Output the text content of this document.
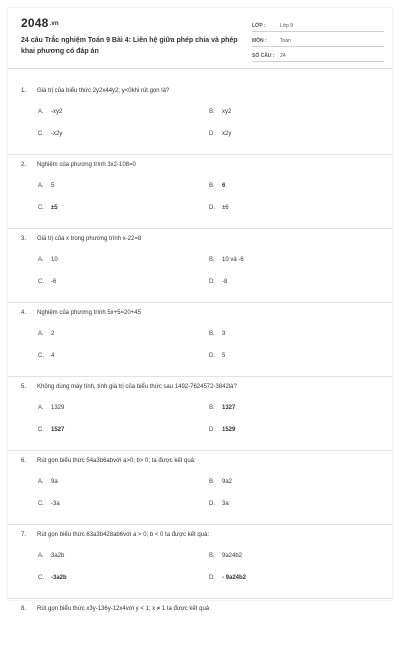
2048.vn
24 câu Trắc nghiệm Toán 9 Bài 4: Liên hệ giữa phép chia và phép khai phương có đáp án
LỚP :	Lớp 9
MÔN :	Toán
SỐ CÂU :	24
1. Giá trị của biểu thức 2y2x44y2; y<0khi rút gọn là?
A. -xy2	B. xy2
C. -x2y	D. x2y
2. Nghiệm của phương trình 3x2-108=0
A. 5	B. 6
C. ±5	D. ±6
3. Giá trị của x trong phương trình x-22=8
A. 10	B. 10 và -6
C. -6	D. -8
4. Nghiệm của phương trình 5x+5=20+45
A. 2	B. 3
C. 4	D. 5
5. Không dùng máy tính, tính giá trị của biểu thức sau 1492-7624572-3842là?
A. 1329	B. 1327
C. 1527	D. 1529
6. Rút gọn biểu thức 54a3b6abvới a>0; b> 0; ta được kết quả:
A. 9a	B. 9a2
C. -3a	D. 3a
7. Rút gọn biểu thức 63a3b428ab6với a > 0; b < 0 ta được kết quả:
A. 3a2b	B. 9a24b2
C. -3a2b	D. - 9a24b2
8. Rút gọn biểu thức x3y-136y-12x4với y < 1; x ≠ 1 ta được kết quả
